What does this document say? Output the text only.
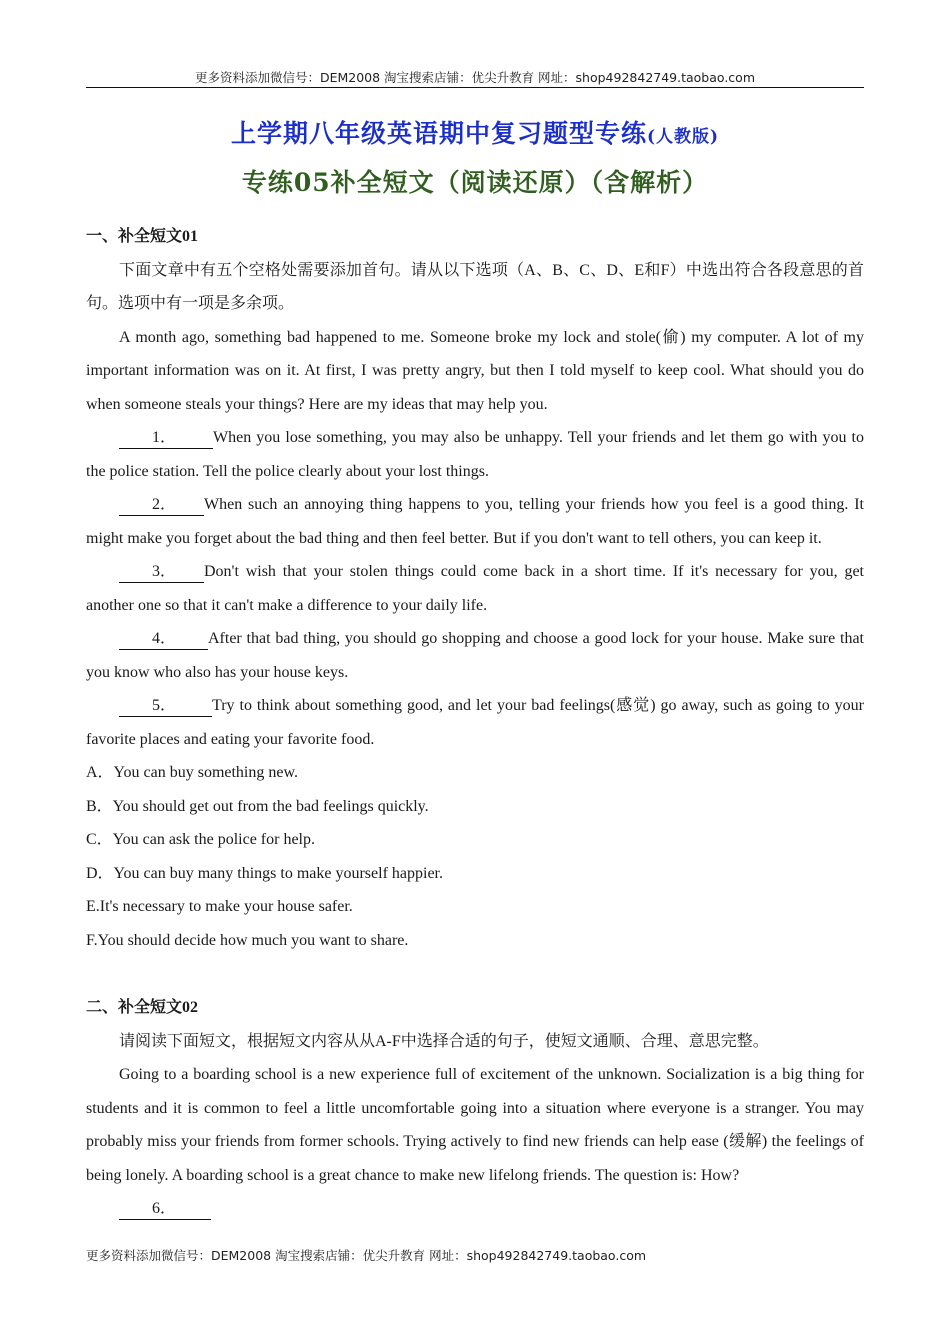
更多资料添加微信号：DEM2008 淘宝搜索店铺：优尖升教育 网址：shop492842749.taobao.com
上学期八年级英语期中复习题型专练(人教版)
专练05补全短文（阅读还原）（含解析）

一、补全短文01

下面文章中有五个空格处需要添加首句。请从以下选项（A、B、C、D、E和F）中选出符合各段意思的首句。选项中有一项是多余项。

A month ago, something bad happened to me. Someone broke my lock and stole(偷) my computer. A lot of my important information was on it. At first, I was pretty angry, but then I told myself to keep cool. What should you do when someone steals your things? Here are my ideas that may help you.

1． When you lose something, you may also be unhappy. Tell your friends and let them go with you to the police station. Tell the police clearly about your lost things.

2． When such an annoying thing happens to you, telling your friends how you feel is a good thing. It might make you forget about the bad thing and then feel better. But if you don't want to tell others, you can keep it.

3． Don't wish that your stolen things could come back in a short time. If it's necessary for you, get another one so that it can't make a difference to your daily life.

4． After that bad thing, you should go shopping and choose a good lock for your house. Make sure that you know who also has your house keys.

5． Try to think about something good, and let your bad feelings(感觉) go away, such as going to your favorite places and eating your favorite food.

A．You can buy something new.

B．You should get out from the bad feelings quickly.

C．You can ask the police for help.

D．You can buy many things to make yourself happier.

E.It's necessary to make your house safer.

F.You should decide how much you want to share.

二、补全短文02

请阅读下面短文，根据短文内容从从A-F中选择合适的句子，使短文通顺、合理、意思完整。

Going to a boarding school is a new experience full of excitement of the unknown. Socialization is a big thing for students and it is common to feel a little uncomfortable going into a situation where everyone is a stranger. You may probably miss your friends from former schools. Trying actively to find new friends can help ease (缓解) the feelings of being lonely. A boarding school is a great chance to make new lifelong friends. The question is: How?

6．

更多资料添加微信号：DEM2008 淘宝搜索店铺：优尖升教育 网址：shop492842749.taobao.com
